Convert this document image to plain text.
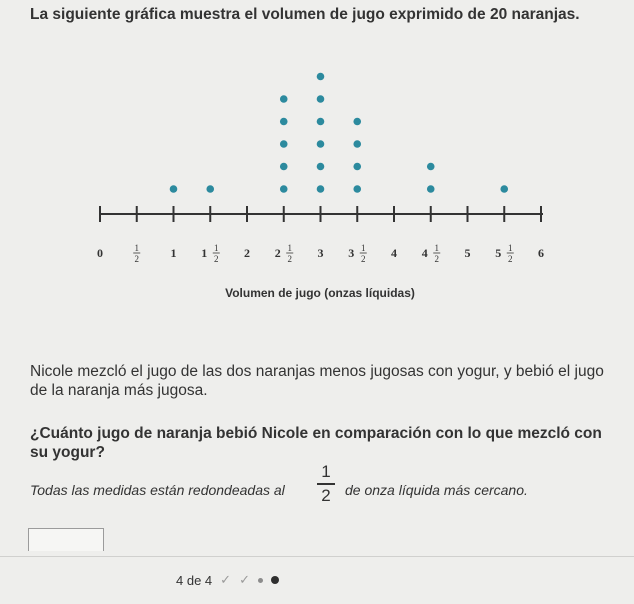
La siguiente gráfica muestra el volumen de jugo exprimido de 20 naranjas.
0	1
2	1 1 1
2 2 2 1
2 3 3 1
2 4 4 1
2 5 5 1
2 6
Volumen de jugo (onzas líquidas)
Nicole mezcló el jugo de las dos naranjas menos jugosas con yogur, y bebió el jugo de la naranja más jugosa.
¿Cuánto jugo de naranja bebió Nicole en comparación con lo que mezcló con su yogur?
Todas las medidas están redondeadas al
1
2	de onza líquida más cercano.
4 de 4 ✓ ✓
